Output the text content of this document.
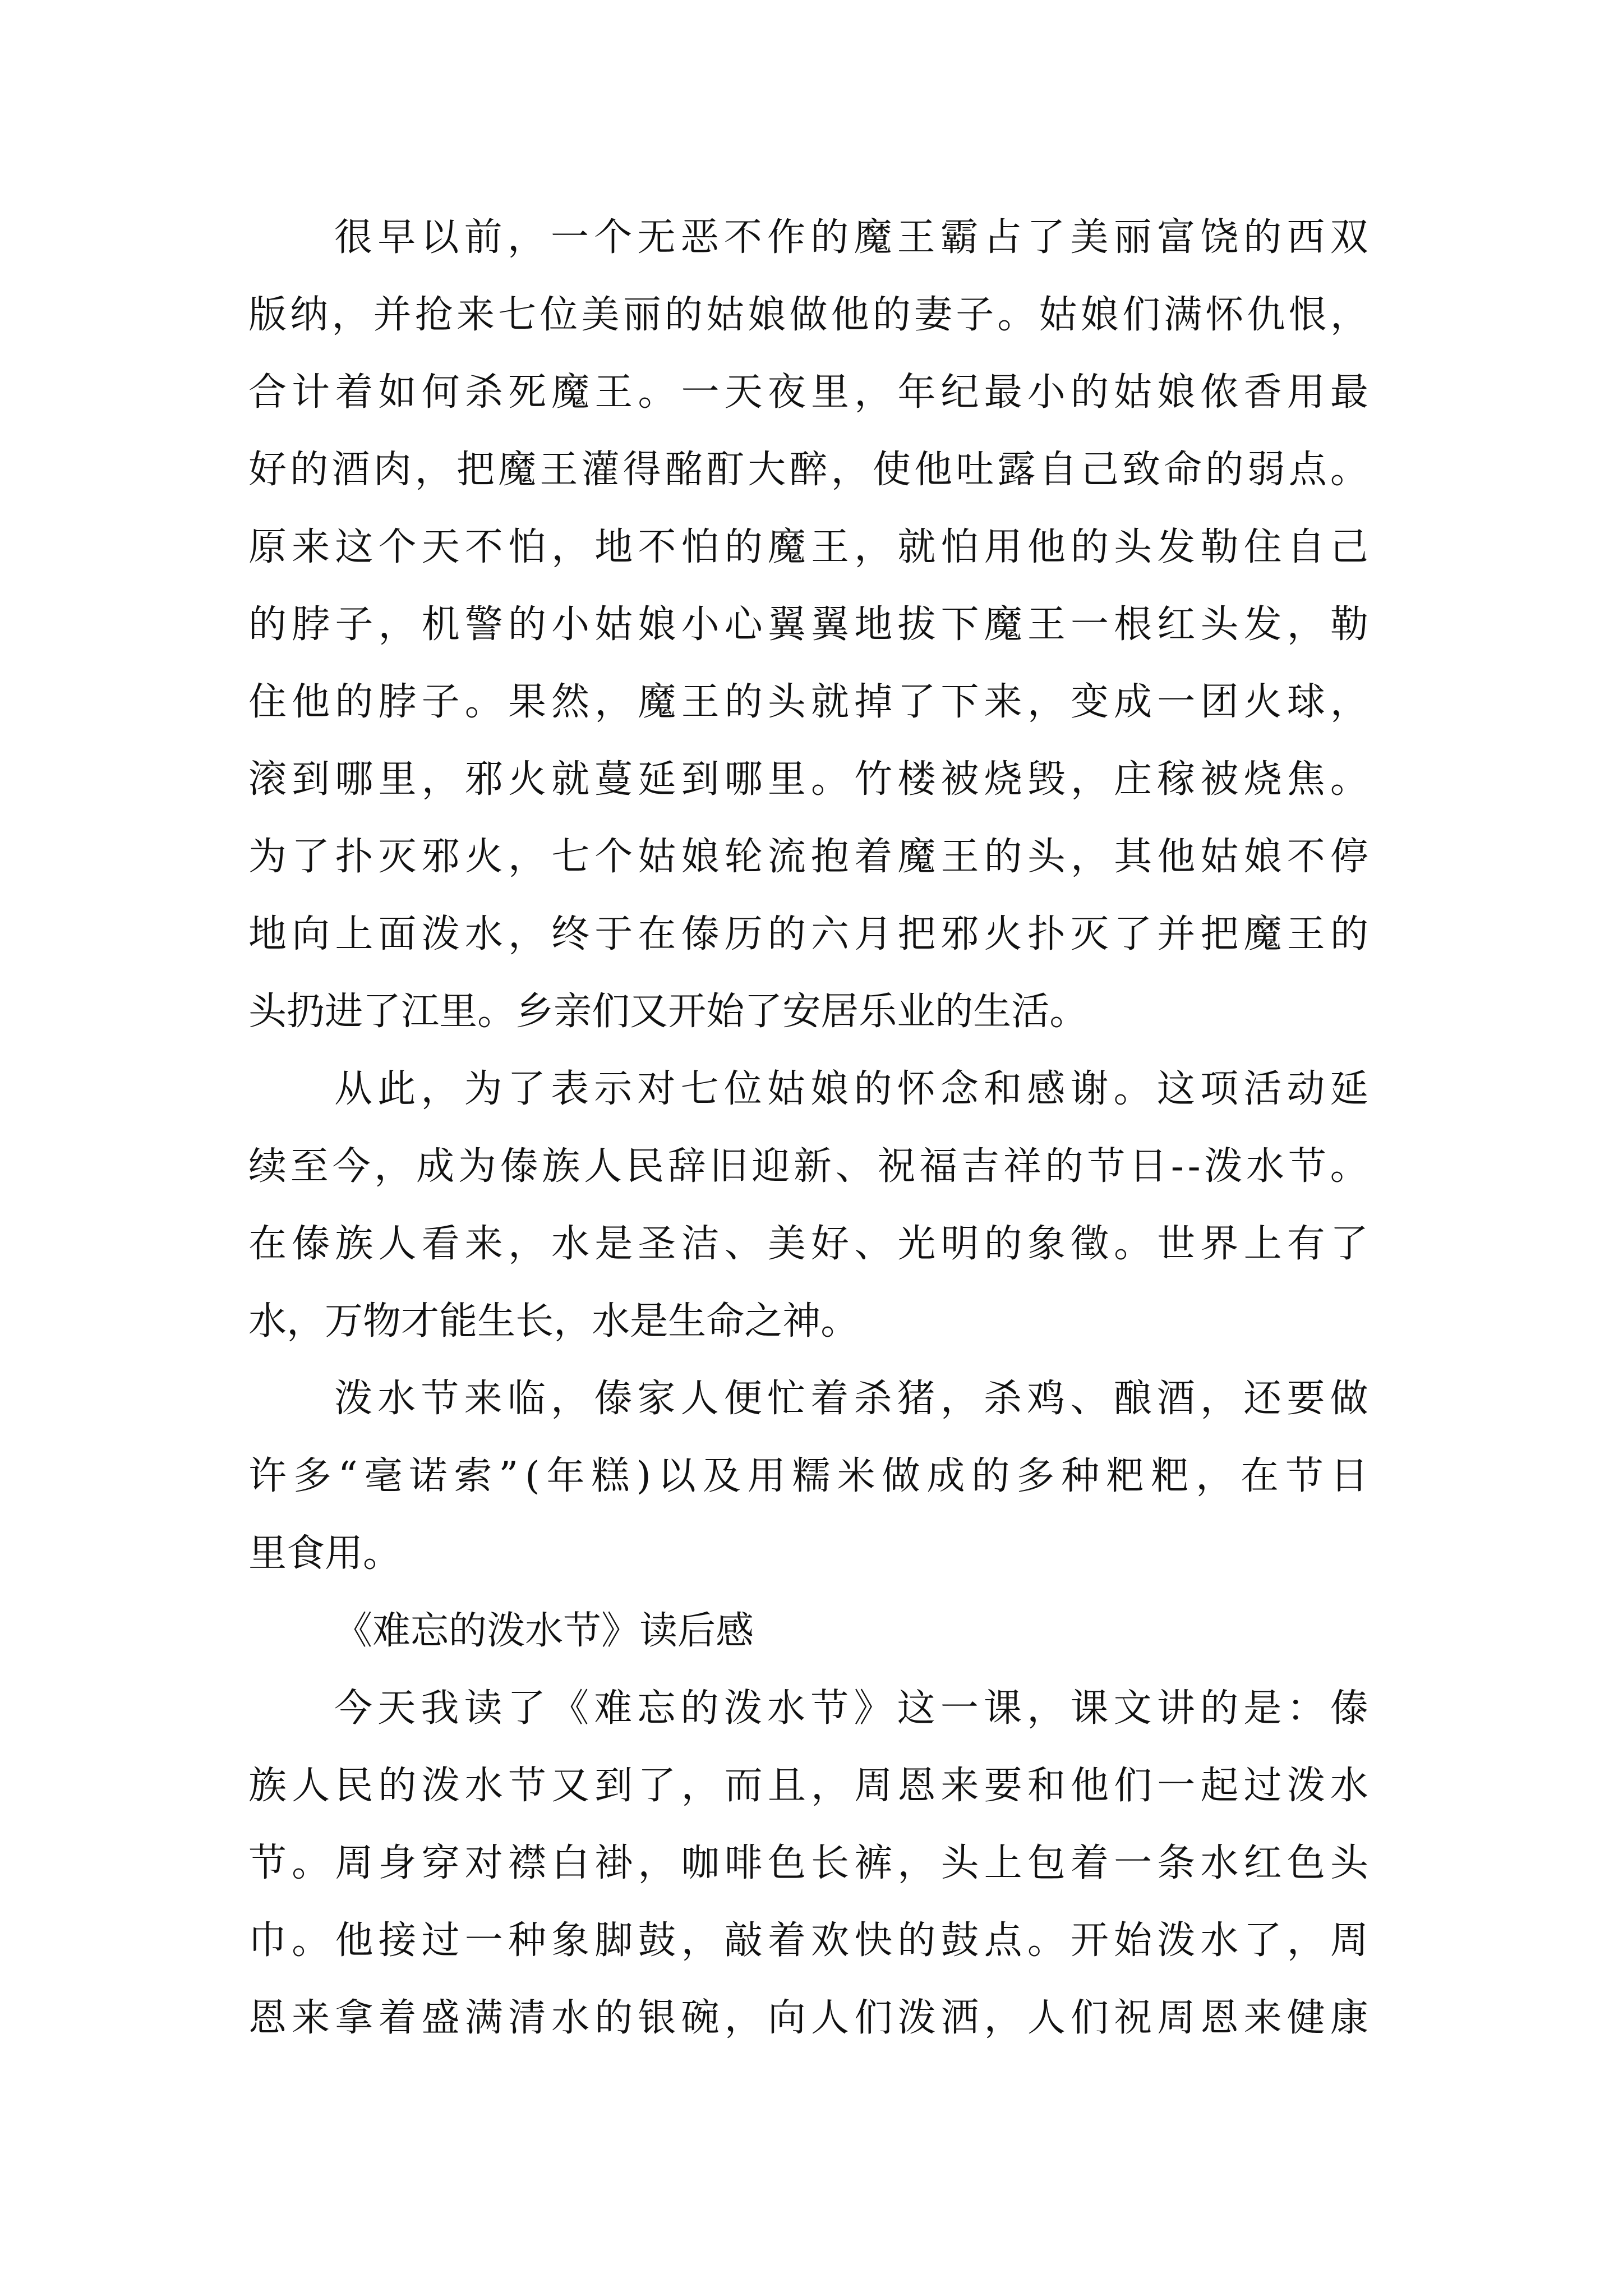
很 早 以 前 ， 一 个 无 恶 不 作 的 魔 王 霸 占 了 美 丽 富 饶 的 西 双
版 纳 ， 并 抢 来 七 位 美 丽 的 姑 娘 做 他 的 妻 子 。 姑 娘 们 满 怀 仇 恨 ，
合 计 着 如 何 杀 死 魔 王 。 一 天 夜 里 ， 年 纪 最 小 的 姑 娘 侬 香 用 最
好 的 酒 肉 ， 把 魔 王 灌 得 酩 酊 大 醉 ， 使 他 吐 露 自 己 致 命 的 弱 点 。
原 来 这 个 天 不 怕 ， 地 不 怕 的 魔 王 ， 就 怕 用 他 的 头 发 勒 住 自 己
的 脖 子 ， 机 警 的 小 姑 娘 小 心 翼 翼 地 拔 下 魔 王 一 根 红 头 发 ， 勒
住 他 的 脖 子 。 果 然 ， 魔 王 的 头 就 掉 了 下 来 ， 变 成 一 团 火 球 ，
滚 到 哪 里 ， 邪 火 就 蔓 延 到 哪 里 。 竹 楼 被 烧 毁 ， 庄 稼 被 烧 焦 。
为 了 扑 灭 邪 火 ， 七 个 姑 娘 轮 流 抱 着 魔 王 的 头 ， 其 他 姑 娘 不 停
地 向 上 面 泼 水 ， 终 于 在 傣 历 的 六 月 把 邪 火 扑 灭 了 并 把 魔 王 的
头 扔 进 了 江 里 。 乡 亲 们 又 开 始 了 安 居 乐 业 的 生 活 。
从 此 ， 为 了 表 示 对 七 位 姑 娘 的 怀 念 和 感 谢 。 这 项 活 动 延
续 至 今 ， 成 为 傣 族 人 民 辞 旧 迎 新 、 祝 福 吉 祥 的 节 日 - - 泼 水 节 。
在 傣 族 人 看 来 ， 水 是 圣 洁 、 美 好 、 光 明 的 象 徵 。 世 界 上 有 了
水 ， 万 物 才 能 生 长 ， 水 是 生 命 之 神 。
泼 水 节 来 临 ， 傣 家 人 便 忙 着 杀 猪 ， 杀 鸡 、 酿 酒 ， 还 要 做
许 多 “ 毫 诺 索 ” ( 年 糕 ) 以 及 用 糯 米 做 成 的 多 种 粑 粑 ， 在 节 日
里 食 用 。
《 难 忘 的 泼 水 节 》 读 后 感
今 天 我 读 了 《 难 忘 的 泼 水 节 》 这 一 课 ， 课 文 讲 的 是 ： 傣
族 人 民 的 泼 水 节 又 到 了 ， 而 且 ， 周 恩 来 要 和 他 们 一 起 过 泼 水
节 。 周 身 穿 对 襟 白 褂 ， 咖 啡 色 长 裤 ， 头 上 包 着 一 条 水 红 色 头
巾 。 他 接 过 一 种 象 脚 鼓 ， 敲 着 欢 快 的 鼓 点 。 开 始 泼 水 了 ， 周
恩 来 拿 着 盛 满 清 水 的 银 碗 ， 向 人 们 泼 洒 ， 人 们 祝 周 恩 来 健 康
